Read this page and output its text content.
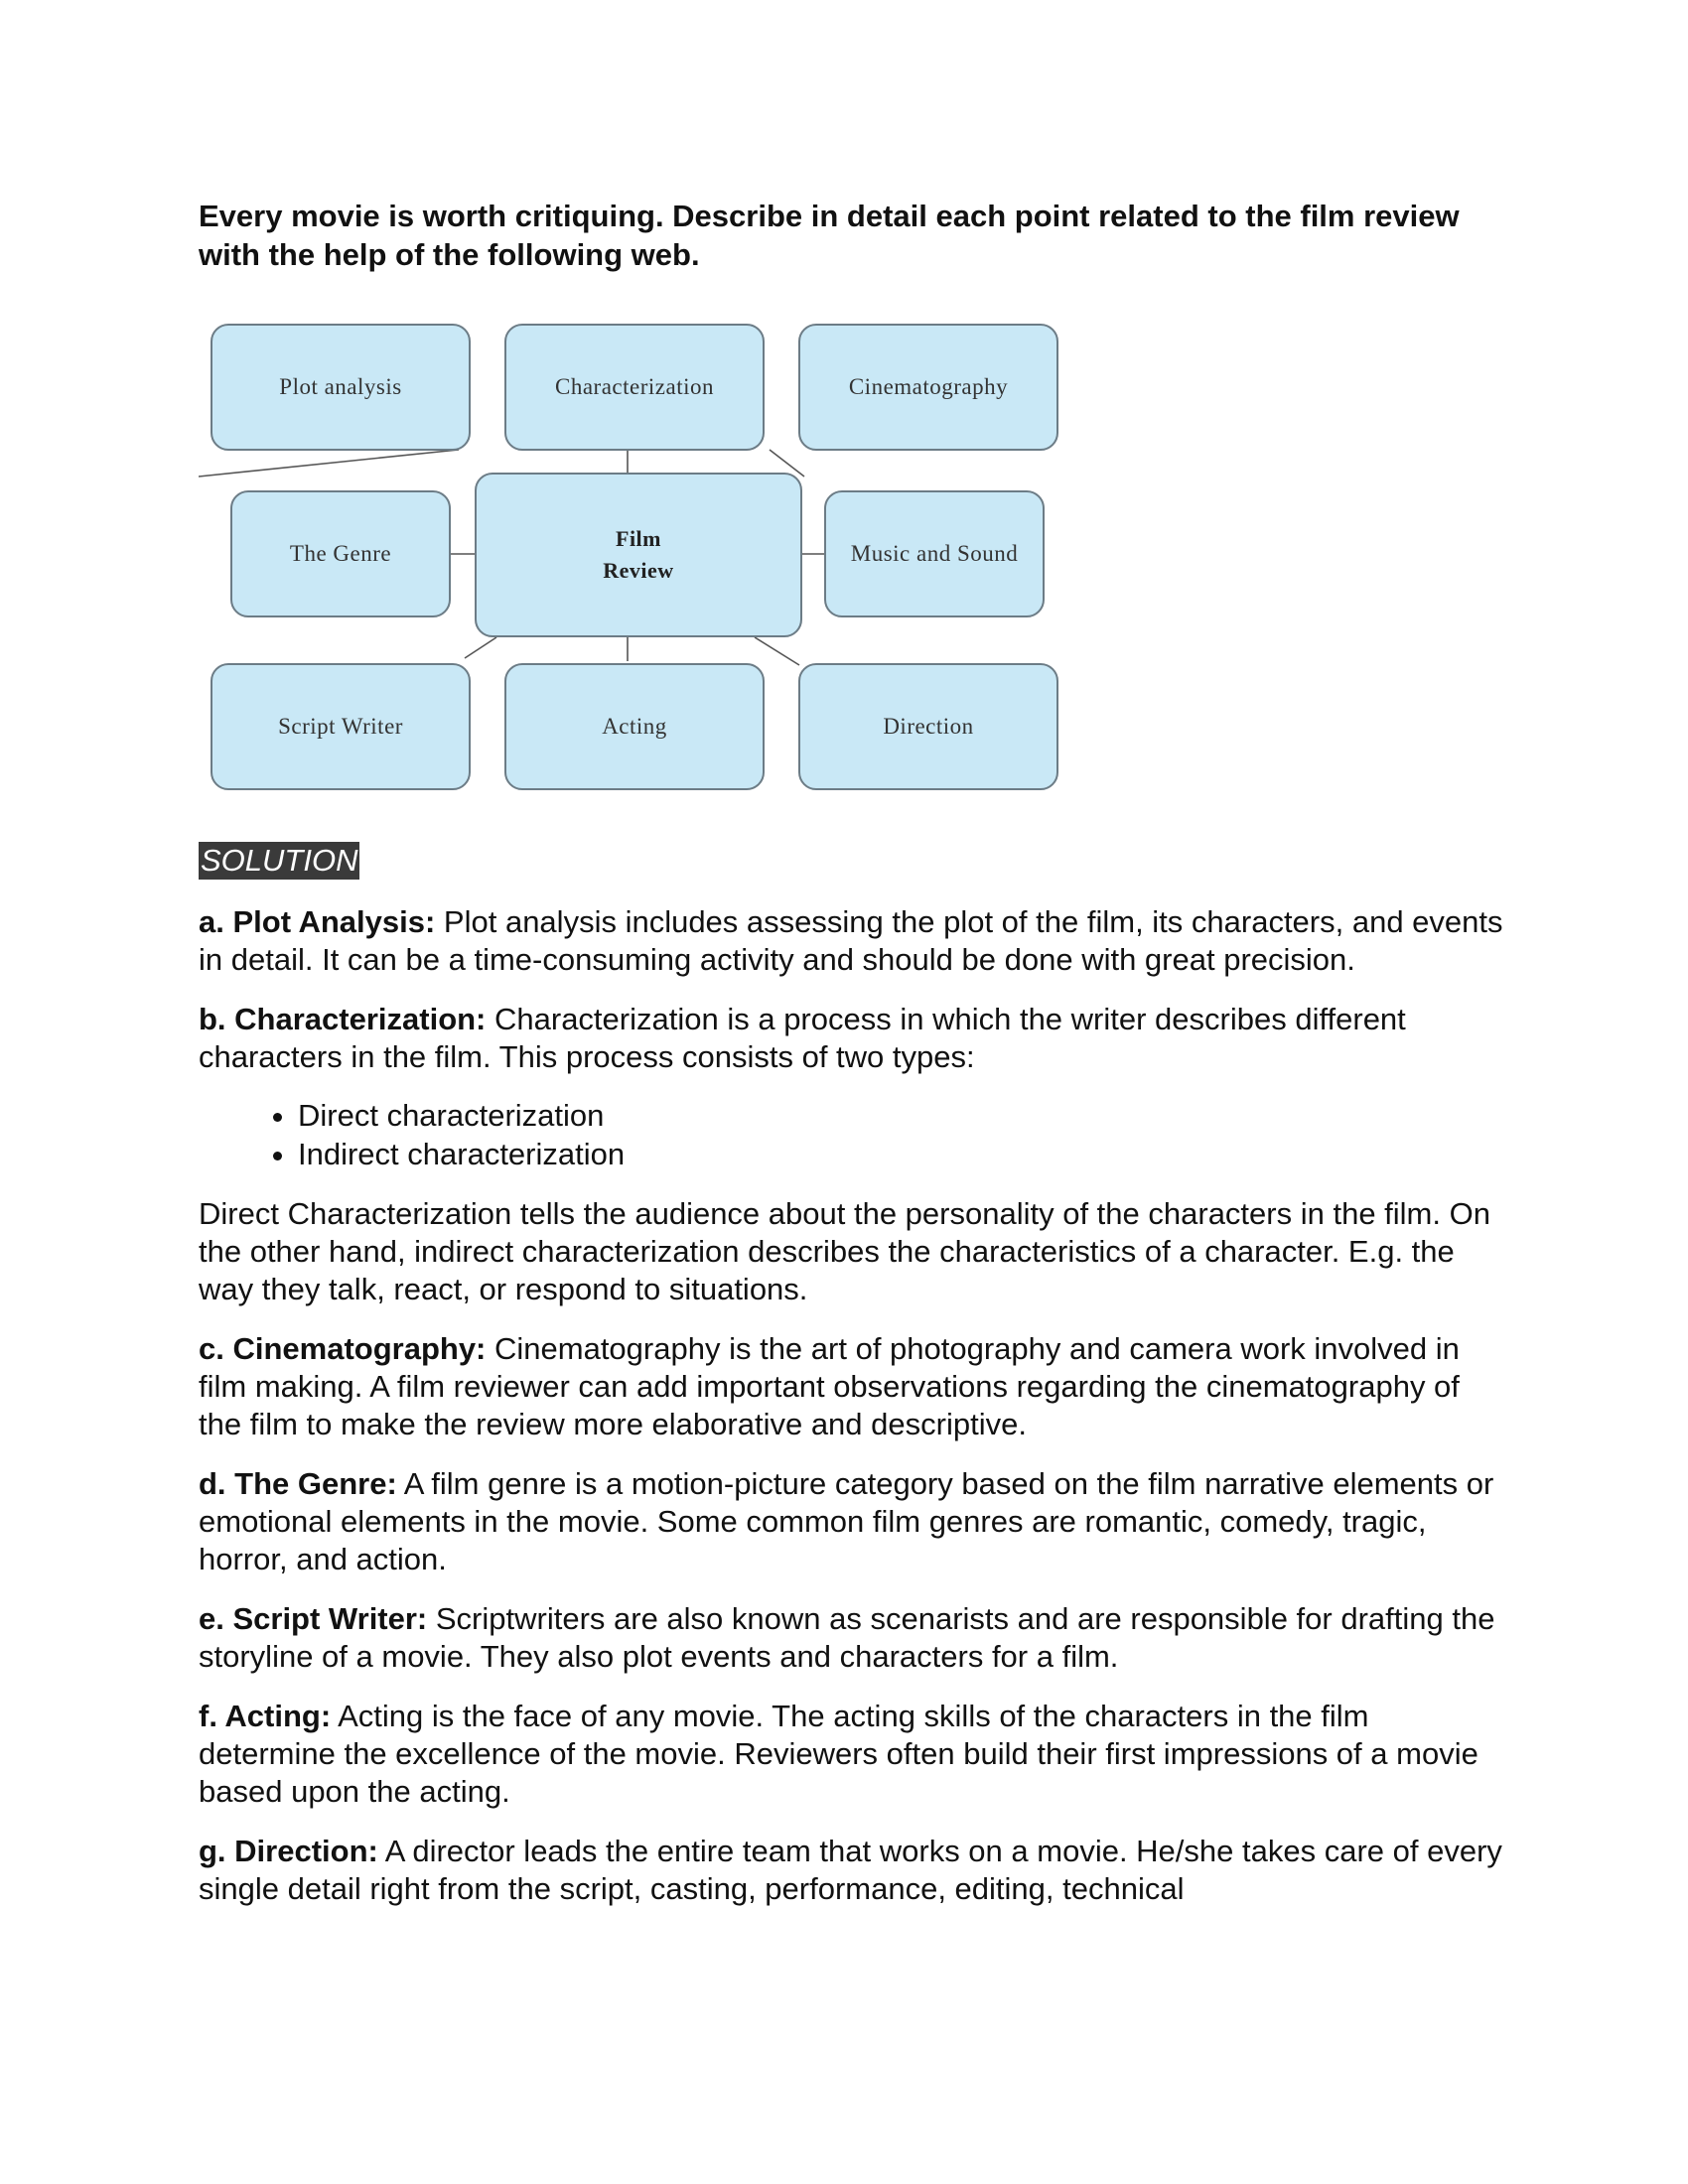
Every movie is worth critiquing. Describe in detail each point related to the film review with the help of the following web.

Plot analysis	Characterization	Cinematography
The Genre
Film
Review
Music and Sound
Script Writer	Acting	Direction

SOLUTION

a. Plot Analysis: Plot analysis includes assessing the plot of the film, its characters, and events in detail. It can be a time-consuming activity and should be done with great precision.

b. Characterization: Characterization is a process in which the writer describes different characters in the film. This process consists of two types:

• Direct characterization
• Indirect characterization

Direct Characterization tells the audience about the personality of the characters in the film. On the other hand, indirect characterization describes the characteristics of a character. E.g. the way they talk, react, or respond to situations.

c. Cinematography: Cinematography is the art of photography and camera work involved in film making. A film reviewer can add important observations regarding the cinematography of the film to make the review more elaborative and descriptive.

d. The Genre: A film genre is a motion-picture category based on the film narrative elements or emotional elements in the movie. Some common film genres are romantic, comedy, tragic, horror, and action.

e. Script Writer: Scriptwriters are also known as scenarists and are responsible for drafting the storyline of a movie. They also plot events and characters for a film.

f. Acting: Acting is the face of any movie. The acting skills of the characters in the film determine the excellence of the movie. Reviewers often build their first impressions of a movie based upon the acting.

g. Direction: A director leads the entire team that works on a movie. He/she takes care of every single detail right from the script, casting, performance, editing, technical
